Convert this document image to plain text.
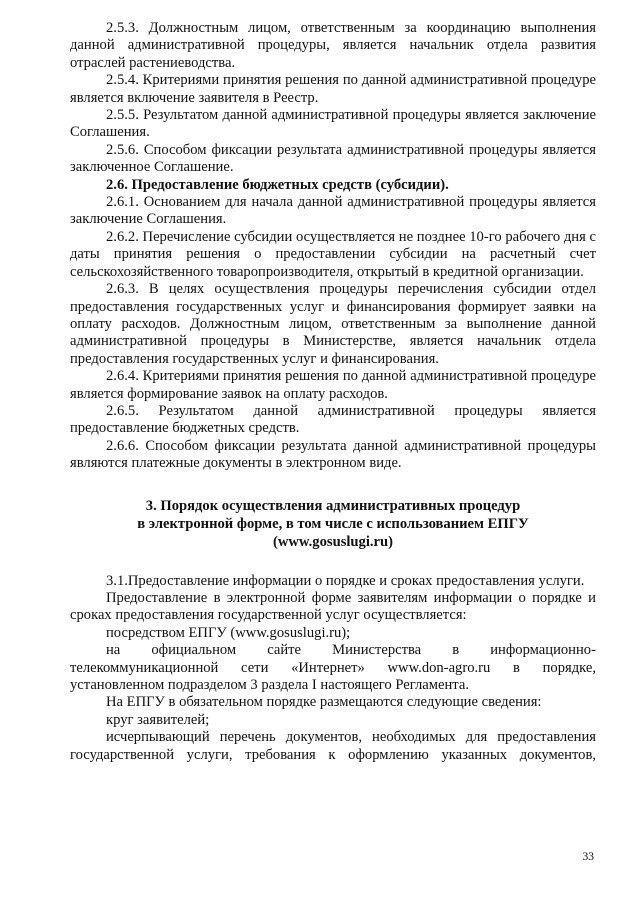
2.5.3. Должностным лицом, ответственным за координацию выполнения данной административной процедуры, является начальник отдела развития отраслей растениеводства.

2.5.4. Критериями принятия решения по данной административной процедуре является включение заявителя в Реестр.

2.5.5. Результатом данной административной процедуры является заключение Соглашения.

2.5.6. Способом фиксации результата административной процедуры является заключенное Соглашение.

2.6. Предоставление бюджетных средств (субсидии).

2.6.1. Основанием для начала данной административной процедуры является заключение Соглашения.

2.6.2. Перечисление субсидии осуществляется не позднее 10-го рабочего дня с даты принятия решения о предоставлении субсидии на расчетный счет сельскохозяйственного товаропроизводителя, открытый в кредитной организации.

2.6.3. В целях осуществления процедуры перечисления субсидии отдел предоставления государственных услуг и финансирования формирует заявки на оплату расходов. Должностным лицом, ответственным за выполнение данной административной процедуры в Министерстве, является начальник отдела предоставления государственных услуг и финансирования.

2.6.4. Критериями принятия решения по данной административной процедуре является формирование заявок на оплату расходов.

2.6.5. Результатом данной административной процедуры является предоставление бюджетных средств.

2.6.6. Способом фиксации результата данной административной процедуры являются платежные документы в электронном виде.

3. Порядок осуществления административных процедур
в электронной форме, в том числе с использованием ЕПГУ
(www.gosuslugi.ru)

3.1.Предоставление информации о порядке и сроках предоставления услуги.

Предоставление в электронной форме заявителям информации о порядке и сроках предоставления государственной услуг осуществляется:

посредством ЕПГУ (www.gosuslugi.ru);

на официальном сайте Министерства в информационно-

телекоммуникационной сети «Интернет» www.don-agro.ru в порядке, установленном подразделом 3 раздела I настоящего Регламента.

На ЕПГУ в обязательном порядке размещаются следующие сведения:

круг заявителей;

исчерпывающий перечень документов, необходимых для предоставления государственной услуги, требования к оформлению указанных документов,

33
